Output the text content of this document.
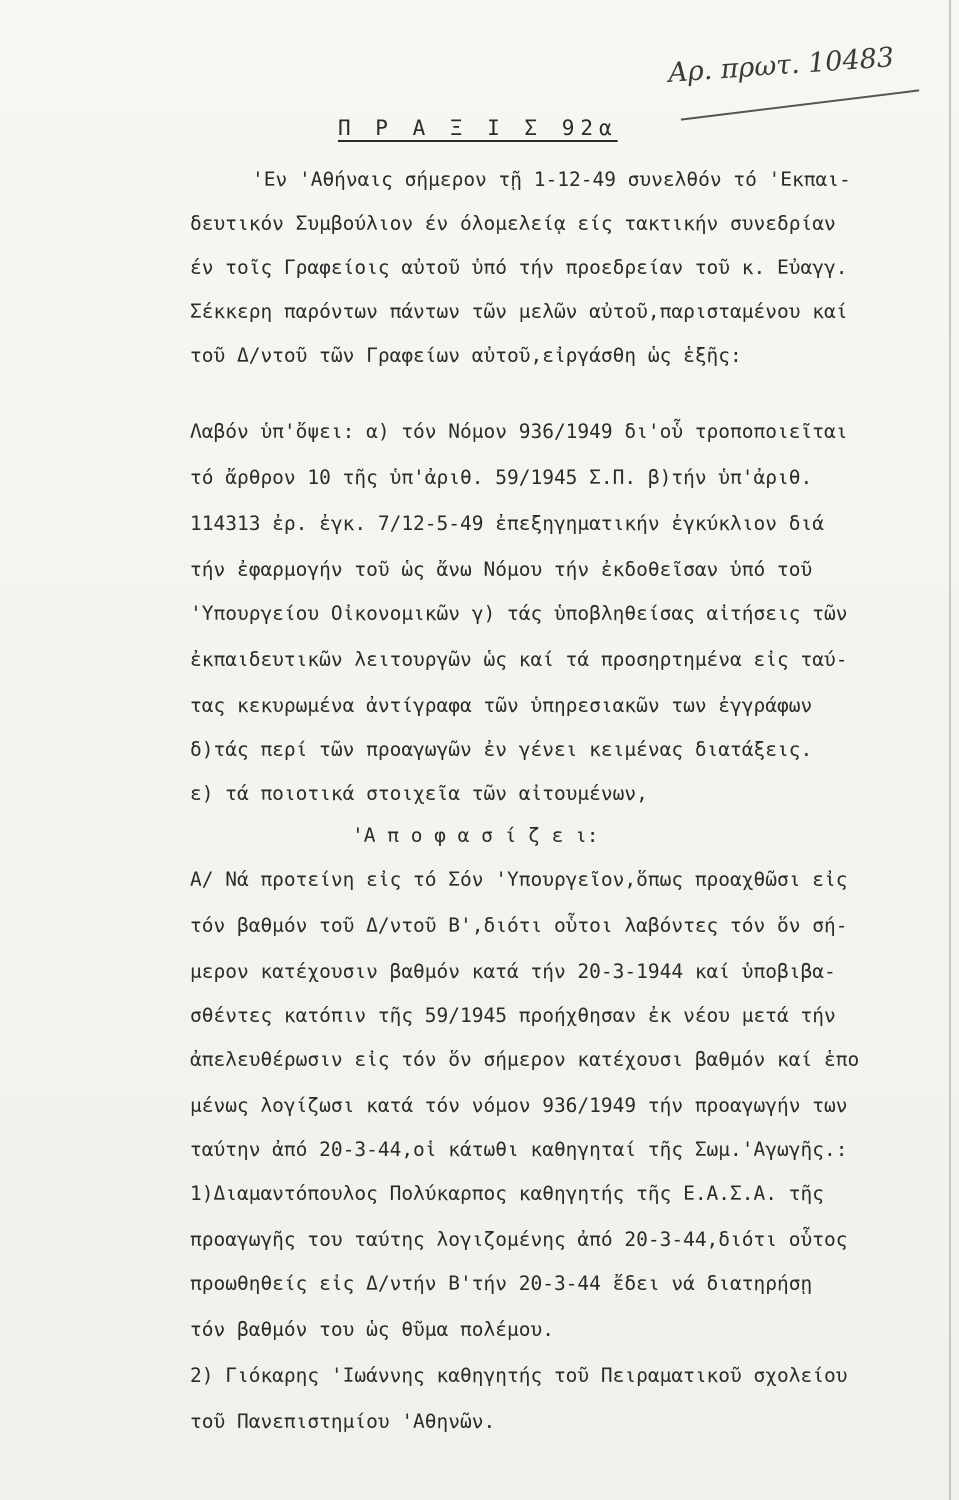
Αρ. πρωτ. 10483
Π Ρ Α Ξ Ι Σ 92α
'Εν 'Αθήναις σήμερον τῇ 1-12-49 συνελθόν τό 'Εκπαι-
δευτικόν Συμβούλιον έν όλομελείᾳ είς τακτικήν συνεδρίαν
έν τοῖς Γραφείοις αὐτοῦ ὑπό τήν προεδρείαν τοῦ κ. Εὐαγγ.
Σέκκερη παρόντων πάντων τῶν μελῶν αὐτοῦ,παρισταμένου καί
τοῦ Δ/ντοῦ τῶν Γραφείων αὐτοῦ,εἰργάσθη ὡς ἑξῆς:
Λαβόν ὑπ'ὄψει: α) τόν Νόμον 936/1949 δι'οὗ τροποποιεῖται
τό ἄρθρον 10 τῆς ὑπ'ἀριθ. 59/1945 Σ.Π. β)τήν ὑπ'ἀριθ.
114313 ἐρ. ἐγκ. 7/12-5-49 ἐπεξηγηματικήν ἐγκύκλιον διά
τήν ἐφαρμογήν τοῦ ὡς ἄνω Νόμου τήν ἐκδοθεῖσαν ὑπό τοῦ
'Υπουργείου Οἰκονομικῶν γ) τάς ὑποβληθείσας αἰτήσεις τῶν
ἐκπαιδευτικῶν λειτουργῶν ὡς καί τά προσηρτημένα εἰς ταύ-
τας κεκυρωμένα ἀντίγραφα τῶν ὑπηρεσιακῶν των ἐγγράφων
δ)τάς περί τῶν προαγωγῶν ἐν γένει κειμένας διατάξεις.
ε) τά ποιοτικά στοιχεῖα τῶν αἰτουμένων,
'Α π ο φ α σ ί ζ ε ι:
Α/ Νά προτείνη εἰς τό Σόν 'Υπουργεῖον,ὅπως προαχθῶσι εἰς
τόν βαθμόν τοῦ Δ/ντοῦ Β',διότι οὗτοι λαβόντες τόν ὅν σή-
μερον κατέχουσιν βαθμόν κατά τήν 20-3-1944 καί ὑποβιβα-
σθέντες κατόπιν τῆς 59/1945 προήχθησαν ἐκ νέου μετά τήν
ἀπελευθέρωσιν εἰς τόν ὅν σήμερον κατέχουσι βαθμόν καί ἑπο
μένως λογίζωσι κατά τόν νόμον 936/1949 τήν προαγωγήν των
ταύτην ἀπό 20-3-44,οἱ κάτωθι καθηγηταί τῆς Σωμ.'Αγωγῆς.:
1)Διαμαντόπουλος Πολύκαρπος καθηγητής τῆς Ε.Α.Σ.Α. τῆς
προαγωγῆς του ταύτης λογιζομένης ἀπό 20-3-44,διότι οὗτος
προωθηθείς εἰς Δ/ντήν Β'τήν 20-3-44 ἔδει νά διατηρήσῃ
τόν βαθμόν του ὡς θῦμα πολέμου.
2) Γιόκαρης 'Ιωάννης καθηγητής τοῦ Πειραματικοῦ σχολείου
τοῦ Πανεπιστημίου 'Αθηνῶν.
